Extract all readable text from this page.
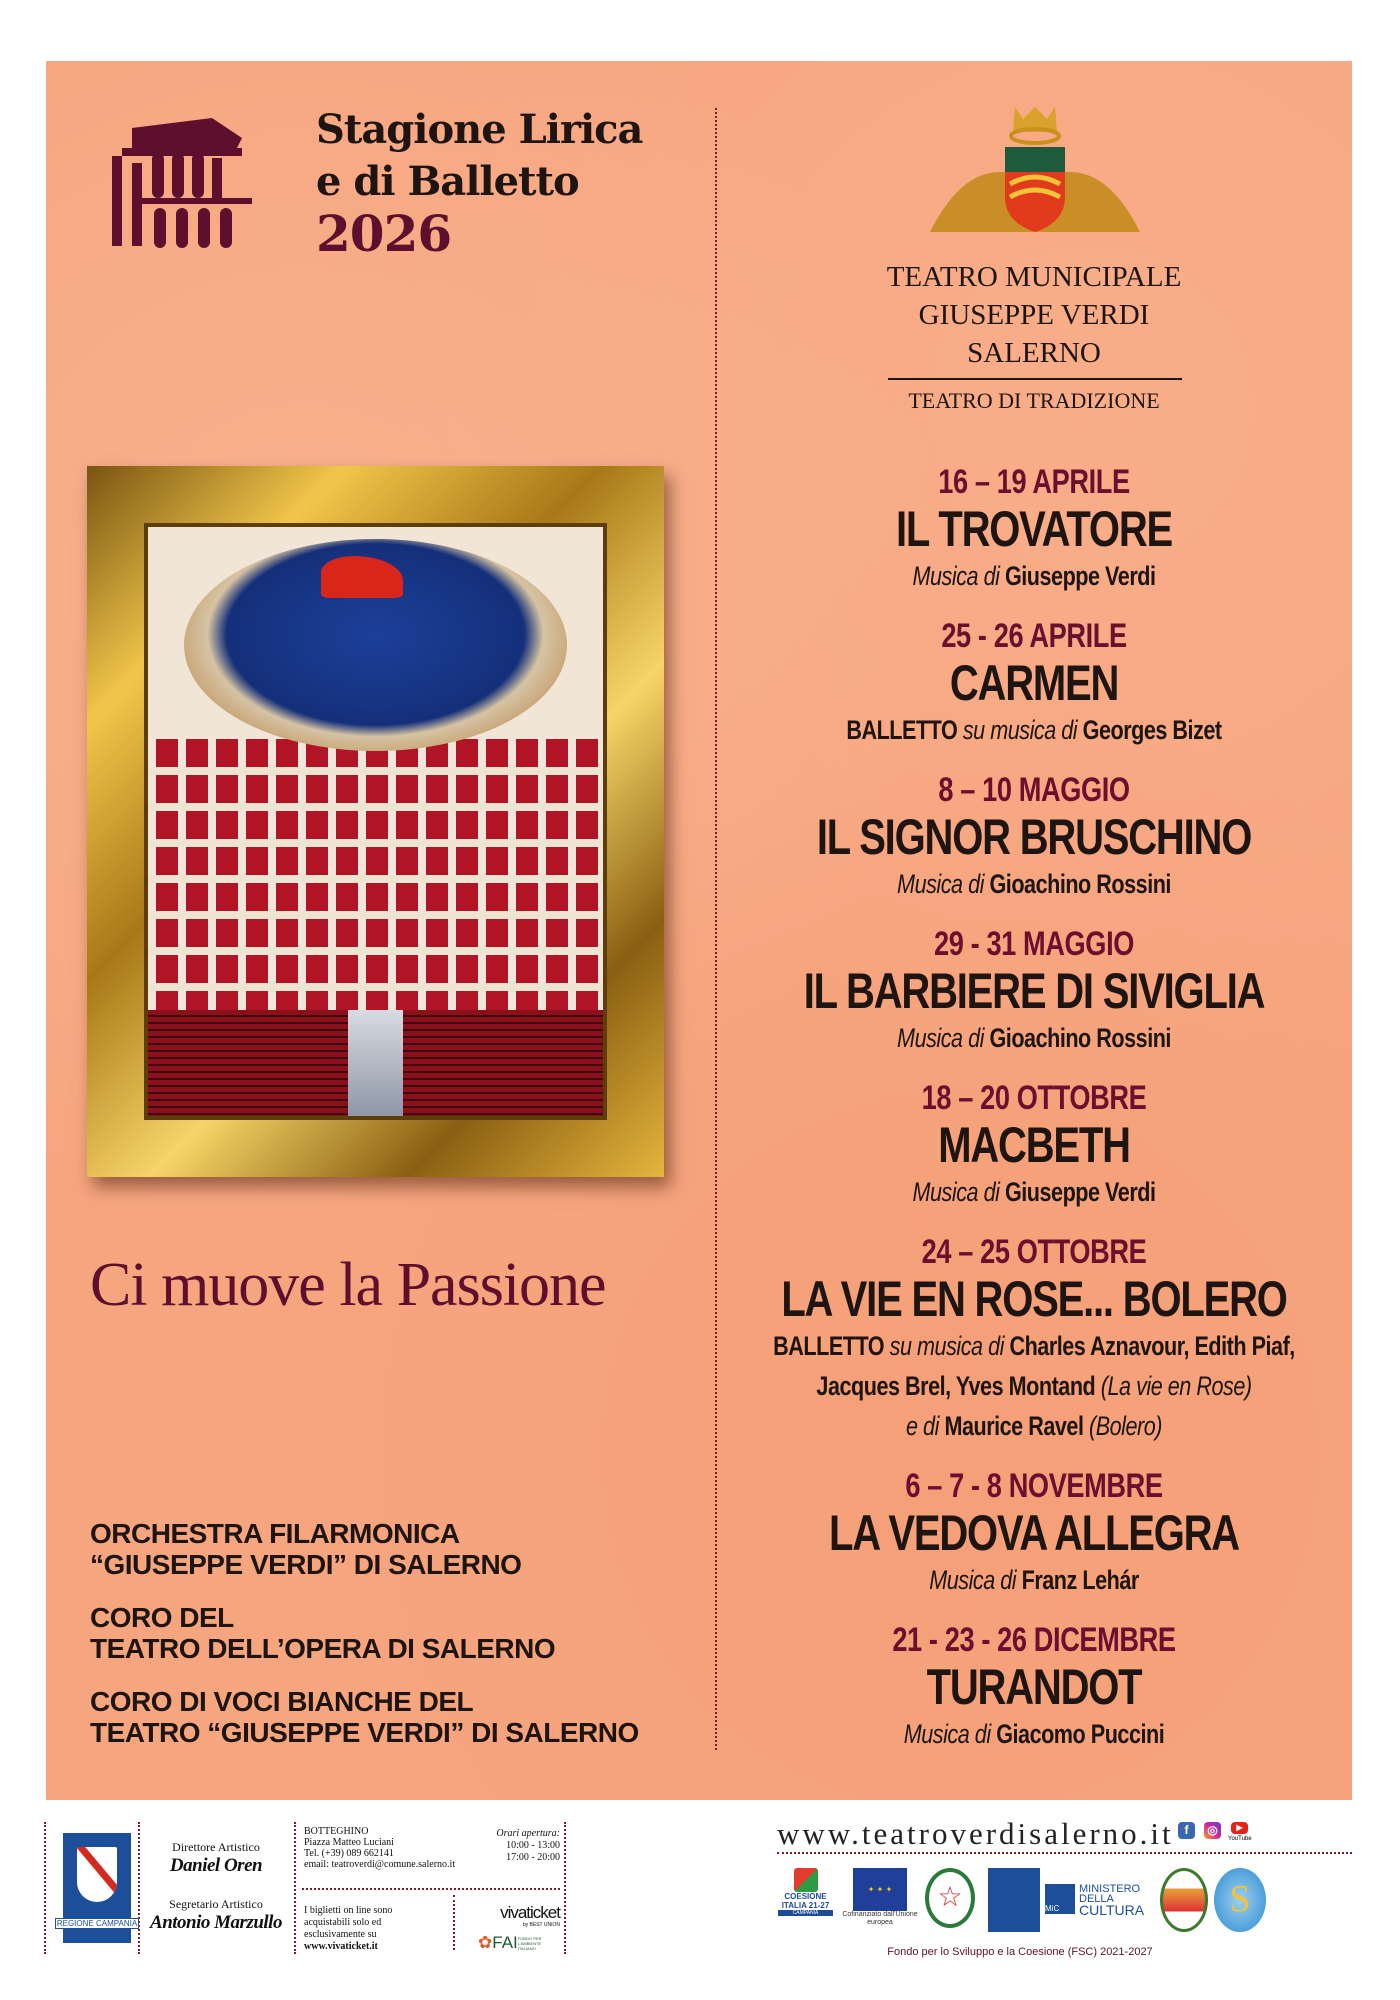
Stagione Lirica
e di Balletto
2026
TEATRO MUNICIPALE
GIUSEPPE VERDI
SALERNO
TEATRO DI TRADIZIONE
Ci muove la Passione
ORCHESTRA FILARMONICA
“GIUSEPPE VERDI” DI SALERNO
CORO DEL
TEATRO DELL’OPERA DI SALERNO
CORO DI VOCI BIANCHE DEL
TEATRO “GIUSEPPE VERDI” DI SALERNO
16 – 19 APRILE
IL TROVATORE
Musica di Giuseppe Verdi
25 - 26 APRILE
CARMEN
BALLETTO su musica di Georges Bizet
8 – 10 MAGGIO
IL SIGNOR BRUSCHINO
Musica di Gioachino Rossini
29 - 31 MAGGIO
IL BARBIERE DI SIVIGLIA
Musica di Gioachino Rossini
18 – 20 OTTOBRE
MACBETH
Musica di Giuseppe Verdi
24 – 25 OTTOBRE
LA VIE EN ROSE... BOLERO
BALLETTO su musica di Charles Aznavour, Edith Piaf,
Jacques Brel, Yves Montand (La vie en Rose)
e di Maurice Ravel (Bolero)
6 – 7 - 8 NOVEMBRE
LA VEDOVA ALLEGRA
Musica di Franz Lehár
21 - 23 - 26 DICEMBRE
TURANDOT
Musica di Giacomo Puccini
REGIONE CAMPANIA
Direttore Artistico
Daniel Oren
Segretario Artistico
Antonio Marzullo
BOTTEGHINO
Piazza Matteo Luciani
Tel. (+39) 089 662141
email: teatroverdi@comune.salerno.it
Orari apertura:
10:00 - 13:00
17:00 - 20:00
I biglietti on line sono
acquistabili solo ed
esclusivamente su
www.vivaticket.it
vivaticket
by BEST UNION
✿FAIFONDO PER L'AMBIENTE ITALIANO
www.teatroverdisalerno.it f	◎	▶
YouTube
COESIONE ITALIA 21-27
CAMPANIA
✦ ✦ ✦
Cofinanziato dall'Unione europea
☆	MiC
MINISTERO
DELLA
CULTURA	S
Fondo per lo Sviluppo e la Coesione (FSC) 2021-2027
